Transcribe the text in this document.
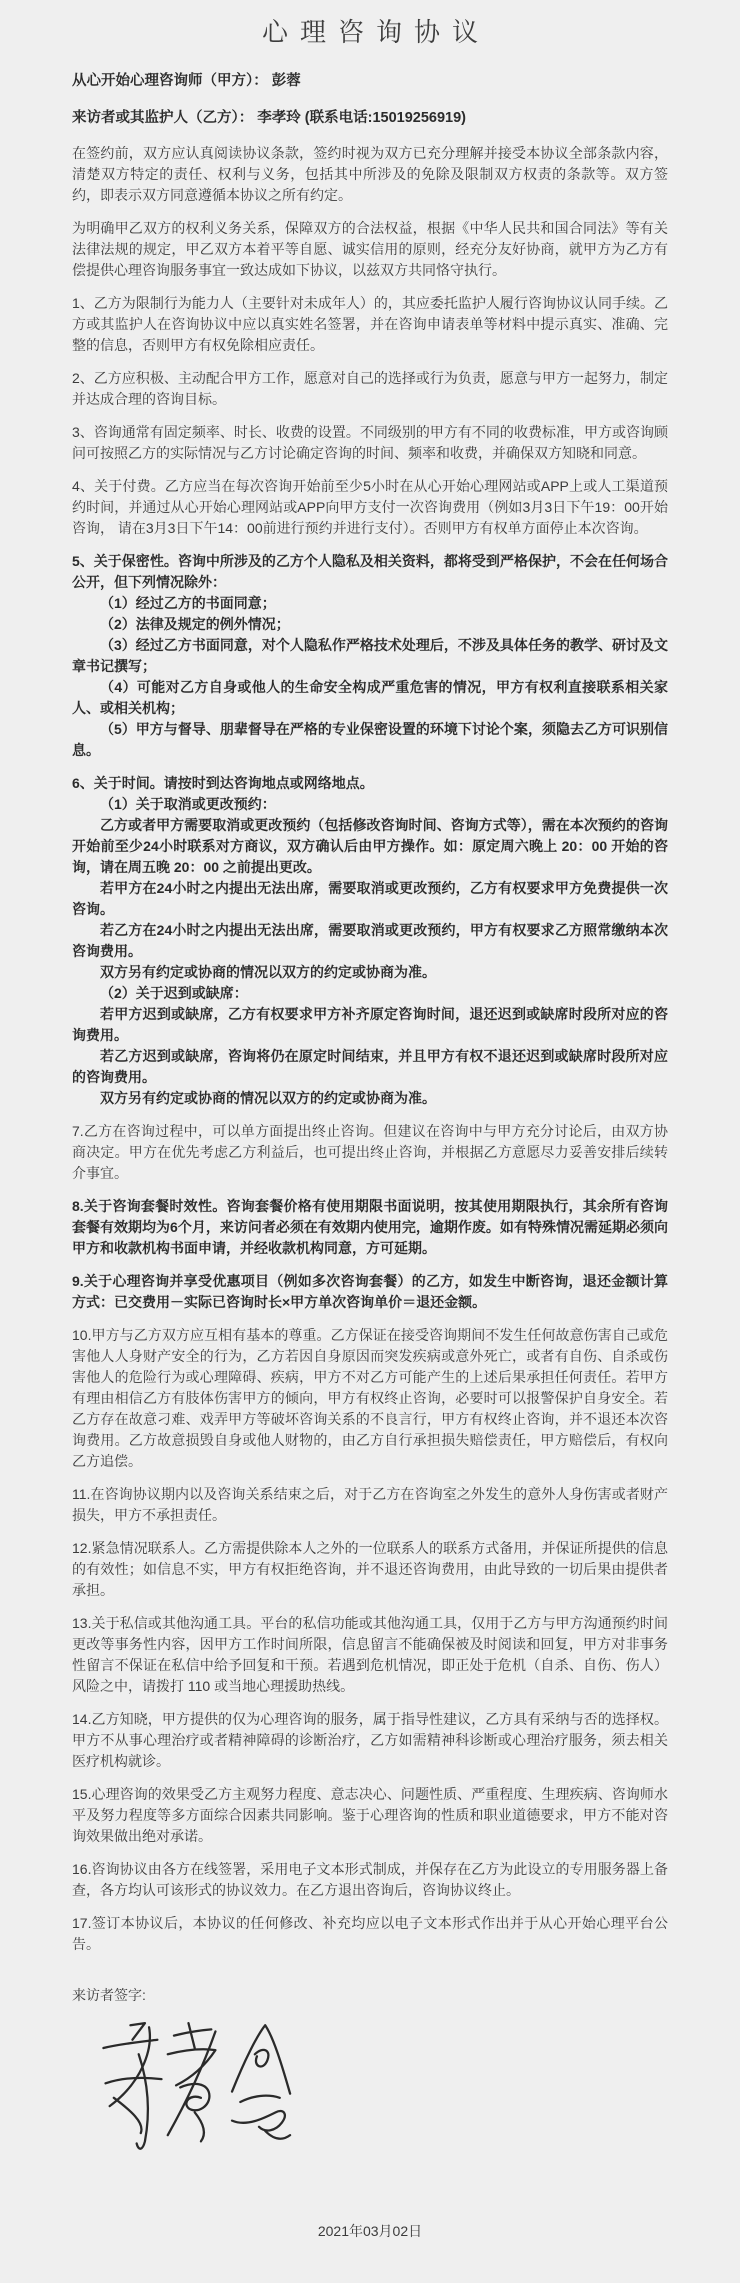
心理咨询协议

从心开始心理咨询师（甲方）： 彭蓉

来访者或其监护人（乙方）： 李孝玲 (联系电话:15019256919)

在签约前，双方应认真阅读协议条款，签约时视为双方已充分理解并接受本协议全部条款内容，清楚双方特定的责任、权利与义务，包括其中所涉及的免除及限制双方权责的条款等。双方签约，即表示双方同意遵循本协议之所有约定。

为明确甲乙双方的权利义务关系，保障双方的合法权益，根据《中华人民共和国合同法》等有关法律法规的规定，甲乙双方本着平等自愿、诚实信用的原则，经充分友好协商，就甲方为乙方有偿提供心理咨询服务事宜一致达成如下协议，以兹双方共同恪守执行。

1、乙方为限制行为能力人（主要针对未成年人）的，其应委托监护人履行咨询协议认同手续。乙方或其监护人在咨询协议中应以真实姓名签署，并在咨询申请表单等材料中提示真实、准确、完整的信息，否则甲方有权免除相应责任。

2、乙方应积极、主动配合甲方工作，愿意对自己的选择或行为负责，愿意与甲方一起努力，制定并达成合理的咨询目标。

3、咨询通常有固定频率、时长、收费的设置。不同级别的甲方有不同的收费标准，甲方或咨询顾问可按照乙方的实际情况与乙方讨论确定咨询的时间、频率和收费，并确保双方知晓和同意。

4、关于付费。乙方应当在每次咨询开始前至少5小时在从心开始心理网站或APP上或人工渠道预约时间，并通过从心开始心理网站或APP向甲方支付一次咨询费用（例如3月3日下午19：00开始咨询， 请在3月3日下午14：00前进行预约并进行支付）。否则甲方有权单方面停止本次咨询。

5、关于保密性。咨询中所涉及的乙方个人隐私及相关资料，都将受到严格保护，不会在任何场合公开，但下列情况除外：

（1）经过乙方的书面同意；

（2）法律及规定的例外情况；

（3）经过乙方书面同意，对个人隐私作严格技术处理后，不涉及具体任务的教学、研讨及文章书记撰写；

（4）可能对乙方自身或他人的生命安全构成严重危害的情况，甲方有权利直接联系相关家人、或相关机构；

（5）甲方与督导、朋辈督导在严格的专业保密设置的环境下讨论个案，须隐去乙方可识别信息。

6、关于时间。请按时到达咨询地点或网络地点。

（1）关于取消或更改预约：

乙方或者甲方需要取消或更改预约（包括修改咨询时间、咨询方式等），需在本次预约的咨询开始前至少24小时联系对方商议，双方确认后由甲方操作。如：原定周六晚上 20：00 开始的咨询，请在周五晚 20：00 之前提出更改。

若甲方在24小时之内提出无法出席，需要取消或更改预约，乙方有权要求甲方免费提供一次咨询。

若乙方在24小时之内提出无法出席，需要取消或更改预约，甲方有权要求乙方照常缴纳本次咨询费用。

双方另有约定或协商的情况以双方的约定或协商为准。

（2）关于迟到或缺席：

若甲方迟到或缺席，乙方有权要求甲方补齐原定咨询时间，退还迟到或缺席时段所对应的咨询费用。

若乙方迟到或缺席，咨询将仍在原定时间结束，并且甲方有权不退还迟到或缺席时段所对应的咨询费用。

双方另有约定或协商的情况以双方的约定或协商为准。

7.乙方在咨询过程中，可以单方面提出终止咨询。但建议在咨询中与甲方充分讨论后，由双方协商决定。甲方在优先考虑乙方利益后，也可提出终止咨询，并根据乙方意愿尽力妥善安排后续转介事宜。

8.关于咨询套餐时效性。咨询套餐价格有使用期限书面说明，按其使用期限执行，其余所有咨询套餐有效期均为6个月，来访问者必须在有效期内使用完，逾期作废。如有特殊情况需延期必须向甲方和收款机构书面申请，并经收款机构同意，方可延期。

9.关于心理咨询并享受优惠项目（例如多次咨询套餐）的乙方，如发生中断咨询，退还金额计算方式：已交费用－实际已咨询时长×甲方单次咨询单价＝退还金额。

10.甲方与乙方双方应互相有基本的尊重。乙方保证在接受咨询期间不发生任何故意伤害自己或危害他人人身财产安全的行为，乙方若因自身原因而突发疾病或意外死亡，或者有自伤、自杀或伤害他人的危险行为或心理障碍、疾病，甲方不对乙方可能产生的上述后果承担任何责任。若甲方有理由相信乙方有肢体伤害甲方的倾向，甲方有权终止咨询，必要时可以报警保护自身安全。若乙方存在故意刁难、戏弄甲方等破坏咨询关系的不良言行，甲方有权终止咨询，并不退还本次咨询费用。乙方故意损毁自身或他人财物的，由乙方自行承担损失赔偿责任，甲方赔偿后，有权向乙方追偿。

11.在咨询协议期内以及咨询关系结束之后，对于乙方在咨询室之外发生的意外人身伤害或者财产损失，甲方不承担责任。

12.紧急情况联系人。乙方需提供除本人之外的一位联系人的联系方式备用，并保证所提供的信息的有效性；如信息不实，甲方有权拒绝咨询，并不退还咨询费用，由此导致的一切后果由提供者承担。

13.关于私信或其他沟通工具。平台的私信功能或其他沟通工具，仅用于乙方与甲方沟通预约时间更改等事务性内容，因甲方工作时间所限，信息留言不能确保被及时阅读和回复，甲方对非事务性留言不保证在私信中给予回复和干预。若遇到危机情况，即正处于危机（自杀、自伤、伤人）风险之中，请拨打 110 或当地心理援助热线。

14.乙方知晓，甲方提供的仅为心理咨询的服务，属于指导性建议，乙方具有采纳与否的选择权。甲方不从事心理治疗或者精神障碍的诊断治疗，乙方如需精神科诊断或心理治疗服务，须去相关医疗机构就诊。

15.心理咨询的效果受乙方主观努力程度、意志决心、问题性质、严重程度、生理疾病、咨询师水平及努力程度等多方面综合因素共同影响。鉴于心理咨询的性质和职业道德要求，甲方不能对咨询效果做出绝对承诺。

16.咨询协议由各方在线签署，采用电子文本形式制成，并保存在乙方为此设立的专用服务器上备查，各方均认可该形式的协议效力。在乙方退出咨询后，咨询协议终止。

17.签订本协议后，本协议的任何修改、补充均应以电子文本形式作出并于从心开始心理平台公告。

来访者签字:

2021年03月02日
